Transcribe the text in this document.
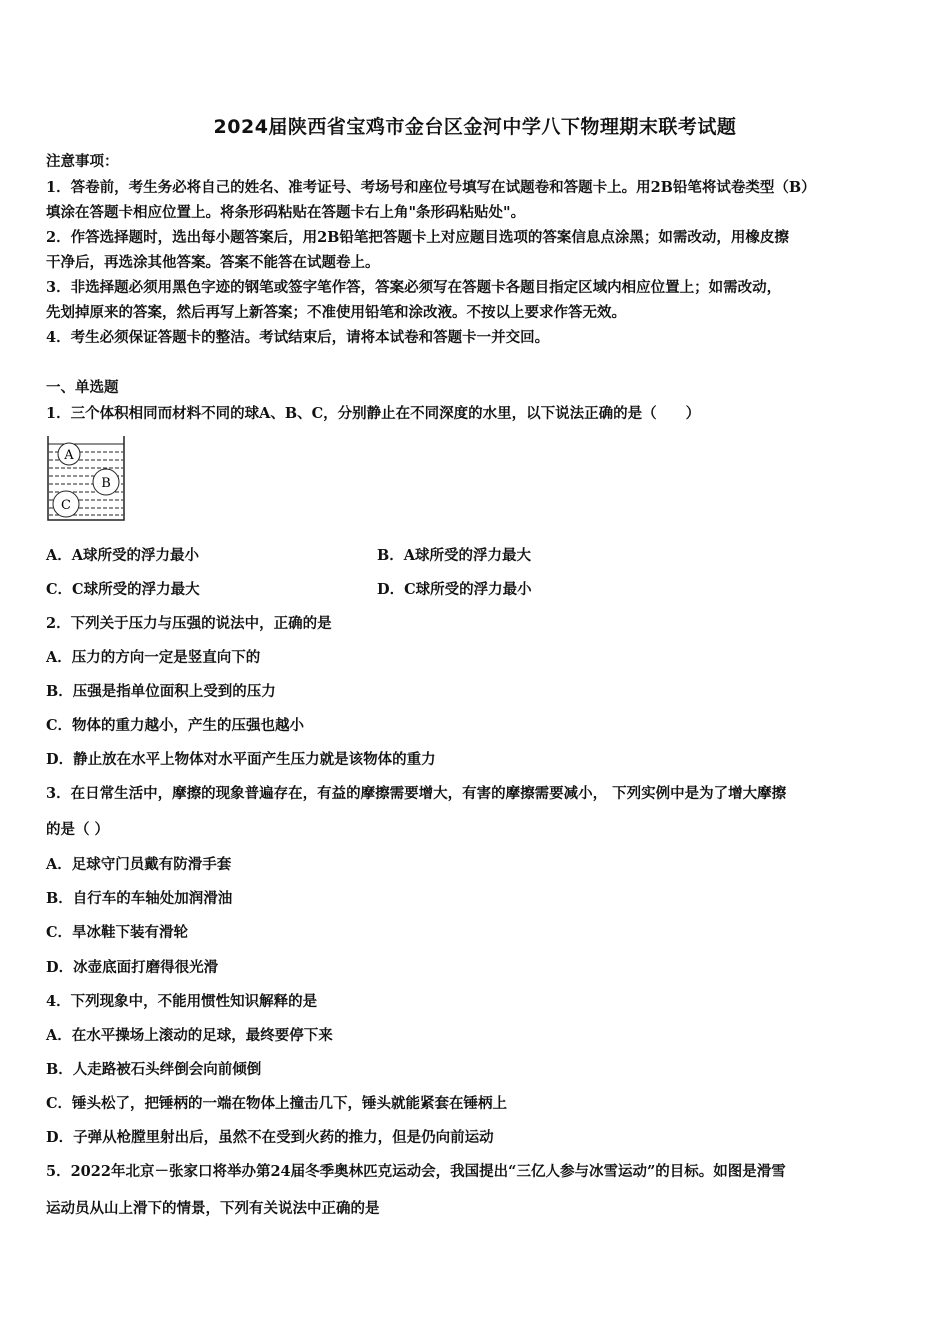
2024届陕西省宝鸡市金台区金河中学八下物理期末联考试题
注意事项：
1．答卷前，考生务必将自己的姓名、准考证号、考场号和座位号填写在试题卷和答题卡上。用2B铅笔将试卷类型（B）
填涂在答题卡相应位置上。将条形码粘贴在答题卡右上角"条形码粘贴处"。
2．作答选择题时，选出每小题答案后，用2B铅笔把答题卡上对应题目选项的答案信息点涂黑；如需改动，用橡皮擦
干净后，再选涂其他答案。答案不能答在试题卷上。
3．非选择题必须用黑色字迹的钢笔或签字笔作答，答案必须写在答题卡各题目指定区域内相应位置上；如需改动，
先划掉原来的答案，然后再写上新答案；不准使用铅笔和涂改液。不按以上要求作答无效。
4．考生必须保证答题卡的整洁。考试结束后，请将本试卷和答题卡一并交回。
一、单选题
1．三个体积相同而材料不同的球A、B、C，分别静止在不同深度的水里，以下说法正确的是（　　）
A
B
C
A．A球所受的浮力最小	B．A球所受的浮力最大
C．C球所受的浮力最大	D．C球所受的浮力最小
2．下列关于压力与压强的说法中，正确的是
A．压力的方向一定是竖直向下的
B．压强是指单位面积上受到的压力
C．物体的重力越小，产生的压强也越小
D．静止放在水平上物体对水平面产生压力就是该物体的重力
3．在日常生活中，摩擦的现象普遍存在，有益的摩擦需要增大，有害的摩擦需要减小， 下列实例中是为了增大摩擦
的是（ ）
A．足球守门员戴有防滑手套
B．自行车的车轴处加润滑油
C．旱冰鞋下装有滑轮
D．冰壶底面打磨得很光滑
4．下列现象中，不能用惯性知识解释的是
A．在水平操场上滚动的足球，最终要停下来
B．人走路被石头绊倒会向前倾倒
C．锤头松了，把锤柄的一端在物体上撞击几下，锤头就能紧套在锤柄上
D．子弹从枪膛里射出后，虽然不在受到火药的推力，但是仍向前运动
5．2022年北京－张家口将举办第24届冬季奥林匹克运动会，我国提出“三亿人参与冰雪运动”的目标。如图是滑雪
运动员从山上滑下的情景，下列有关说法中正确的是
